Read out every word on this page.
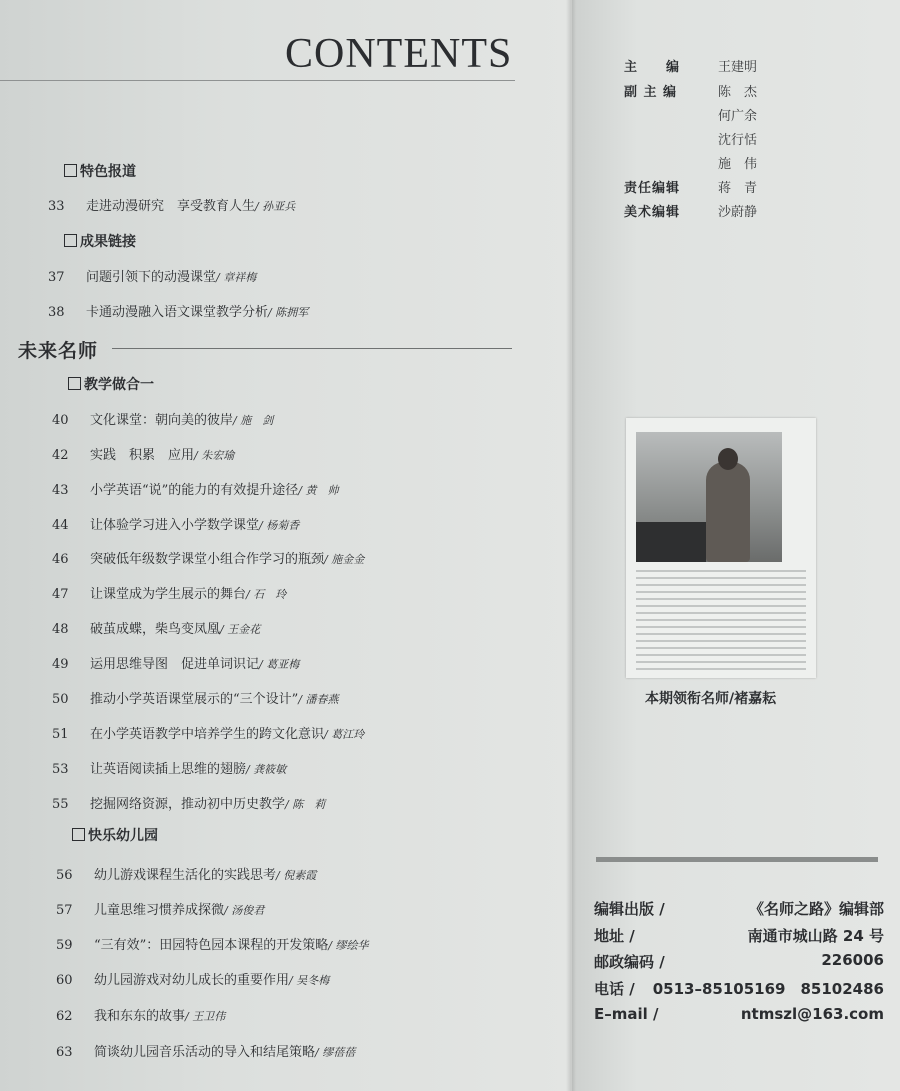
CONTENTS
特色报道
33 走进动漫研究　享受教育人生/ 孙亚兵
成果链接
37 问题引领下的动漫课堂/ 章祥梅
38 卡通动漫融入语文课堂教学分析/ 陈拥军
未来名师
教学做合一
40 文化课堂：朝向美的彼岸/ 施　剑
42 实践　积累　应用/ 朱宏瑜
43 小学英语“说”的能力的有效提升途径/ 黄　帅
44 让体验学习进入小学数学课堂/ 杨菊香
46 突破低年级数学课堂小组合作学习的瓶颈/ 施金金
47 让课堂成为学生展示的舞台/ 石　玲
48 破茧成蝶，柴鸟变凤凰/ 王金花
49 运用思维导图　促进单词识记/ 葛亚梅
50 推动小学英语课堂展示的“三个设计”/ 潘春燕
51 在小学英语教学中培养学生的跨文化意识/ 葛江玲
53 让英语阅读插上思维的翅膀/ 龚筱敏
55 挖掘网络资源，推动初中历史教学/ 陈　莉
快乐幼儿园
56 幼儿游戏课程生活化的实践思考/ 倪素霞
57 儿童思维习惯养成探微/ 汤俊君
59 “三有效”：田园特色园本课程的开发策略/ 缪绘华
60 幼儿园游戏对幼儿成长的重要作用/ 吴冬梅
62 我和东东的故事/ 王卫伟
63 简谈幼儿园音乐活动的导入和结尾策略/ 缪蓓蓓
主　　编	王建明
副 主 编	陈　杰
何广余
沈行恬
施　伟
责任编辑	蒋　青
美术编辑	沙蔚静
本期领衔名师/褚嘉耘
编辑出版 /	《名师之路》编辑部
地址 /	南通市城山路 24 号
邮政编码 /	226006
电话 / 0513–85105169　85102486
E–mail /	ntmszl@163.com
